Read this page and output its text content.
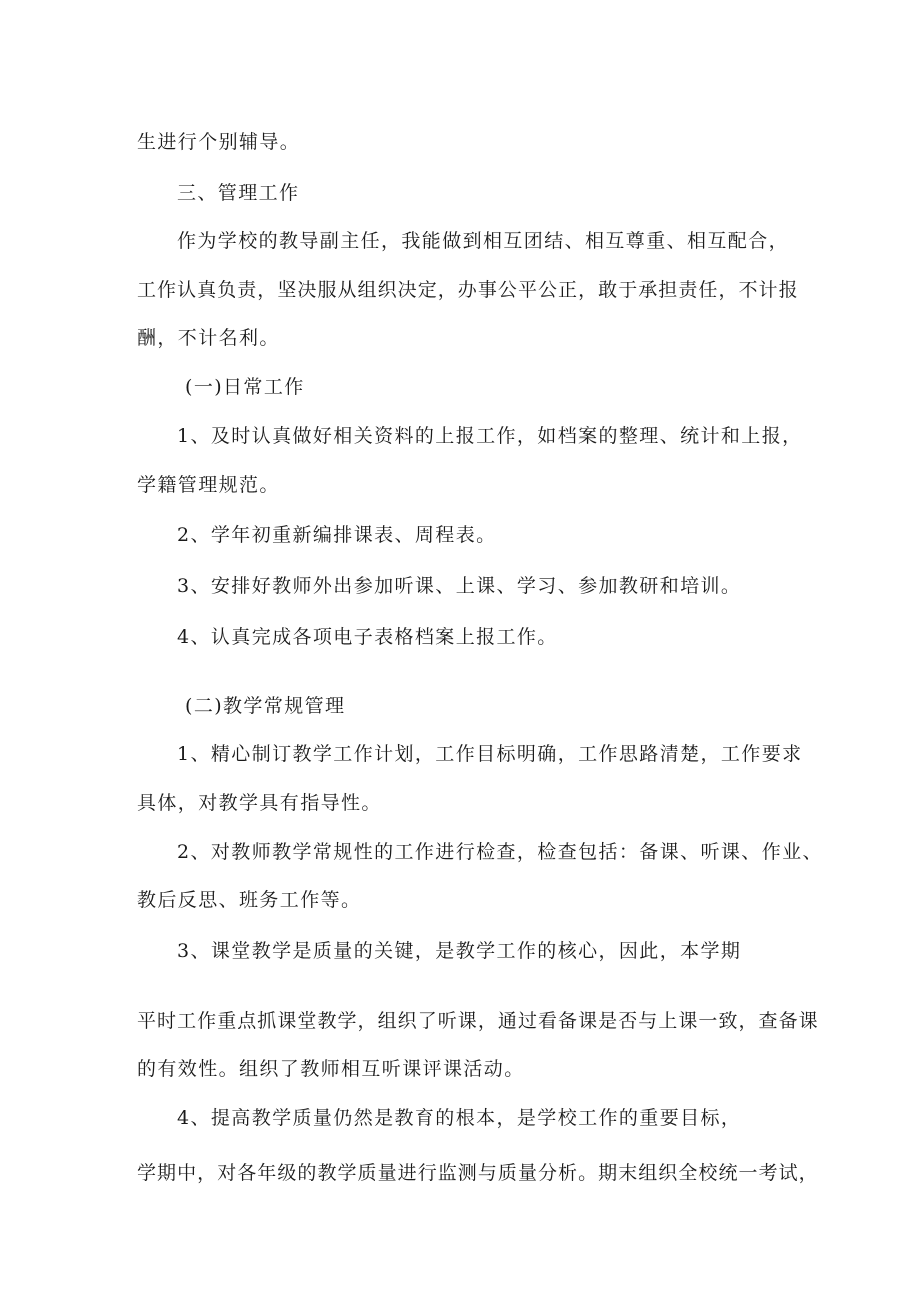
生进行个别辅导。
三、管理工作
作为学校的教导副主任，我能做到相互团结、相互尊重、相互配合，
工作认真负责，坚决服从组织决定，办事公平公正，敢于承担责任，不计报
酬，不计名利。
(一)日常工作
1、及时认真做好相关资料的上报工作，如档案的整理、统计和上报，
学籍管理规范。
2、学年初重新编排课表、周程表。
3、安排好教师外出参加听课、上课、学习、参加教研和培训。
4、认真完成各项电子表格档案上报工作。
(二)教学常规管理
1、精心制订教学工作计划，工作目标明确，工作思路清楚，工作要求
具体，对教学具有指导性。
2、对教师教学常规性的工作进行检查，检查包括：备课、听课、作业、
教后反思、班务工作等。
3、课堂教学是质量的关键，是教学工作的核心，因此，本学期
平时工作重点抓课堂教学，组织了听课，通过看备课是否与上课一致，查备课
的有效性。组织了教师相互听课评课活动。
4、提高教学质量仍然是教育的根本，是学校工作的重要目标，
学期中，对各年级的教学质量进行监测与质量分析。期末组织全校统一考试，
